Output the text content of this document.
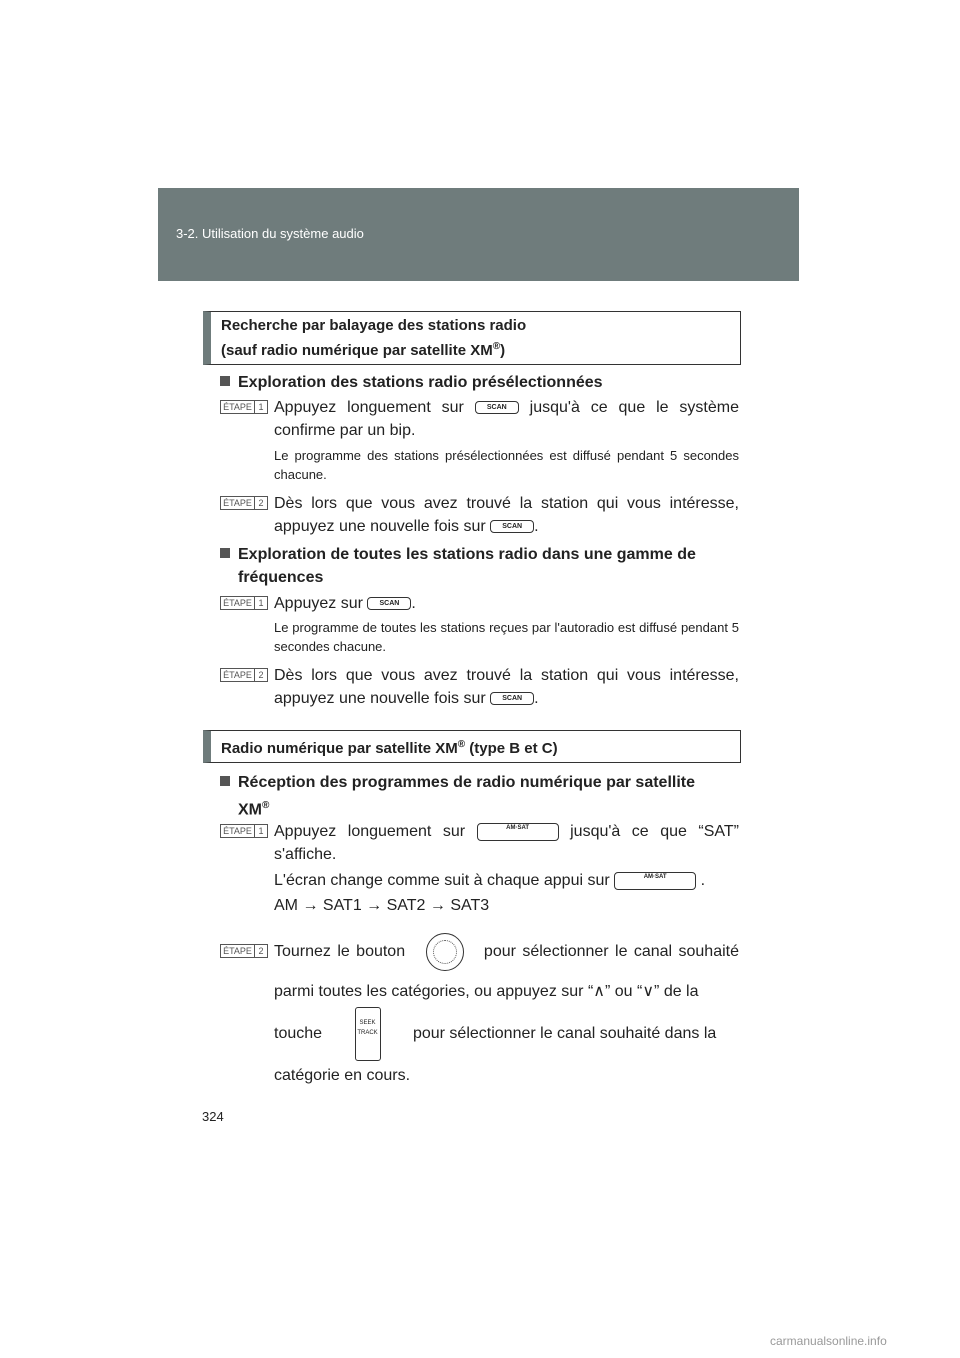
3-2. Utilisation du système audio
Recherche par balayage des stations radio
(sauf radio numérique par satellite XM®)
Exploration des stations radio présélectionnées
ÉTAPE 1 Appuyez longuement sur	SCAN jusqu'à ce que le système confirme par un bip.
Le programme des stations présélectionnées est diffusé pendant 5 secondes chacune.
ÉTAPE 2 Dès lors que vous avez trouvé la station qui vous intéresse, appuyez une nouvelle fois sur SCAN .
Exploration de toutes les stations radio dans une gamme de
fréquences
ÉTAPE 1 Appuyez sur SCAN .
Le programme de toutes les stations reçues par l'autoradio est diffusé pendant 5 secondes chacune.
ÉTAPE 2 Dès lors que vous avez trouvé la station qui vous intéresse, appuyez une nouvelle fois sur SCAN .
Radio numérique par satellite XM® (type B et C)
Réception des programmes de radio numérique par satellite
XM®
ÉTAPE 1 Appuyez longuement sur	AM·SAT	jusqu'à ce que “SAT” s'affiche.
L'écran change comme suit à chaque appui sur	AM·SAT .
AM → SAT1 → SAT2 → SAT3
ÉTAPE 2 Tournez le bouton	pour sélectionner le canal souhaité parmi toutes les catégories, ou appuyez sur “∧” ou “∨” de la
touche
SEEK TRACK pour sélectionner le canal souhaité dans la
catégorie en cours.
324
carmanualsonline.info
